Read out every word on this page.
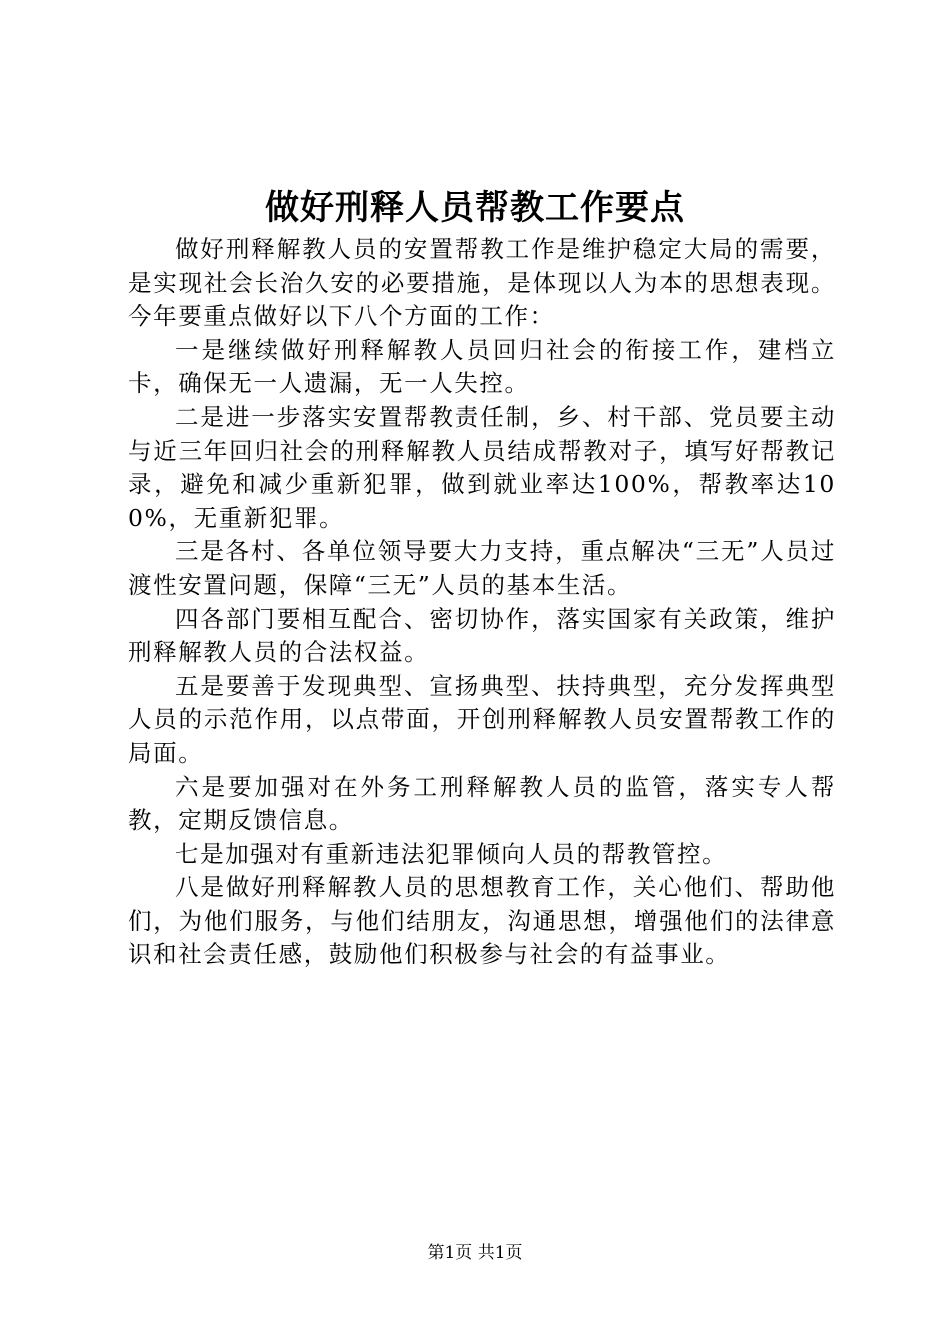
做好刑释人员帮教工作要点

做好刑释解教人员的安置帮教工作是维护稳定大局的需要，是实现社会长治久安的必要措施，是体现以人为本的思想表现。今年要重点做好以下八个方面的工作：

一是继续做好刑释解教人员回归社会的衔接工作，建档立卡，确保无一人遗漏，无一人失控。

二是进一步落实安置帮教责任制，乡、村干部、党员要主动与近三年回归社会的刑释解教人员结成帮教对子，填写好帮教记录，避免和减少重新犯罪，做到就业率达100%，帮教率达100%，无重新犯罪。

三是各村、各单位领导要大力支持，重点解决“三无”人员过渡性安置问题，保障“三无”人员的基本生活。

四各部门要相互配合、密切协作，落实国家有关政策，维护刑释解教人员的合法权益。

五是要善于发现典型、宣扬典型、扶持典型，充分发挥典型人员的示范作用，以点带面，开创刑释解教人员安置帮教工作的局面。

六是要加强对在外务工刑释解教人员的监管，落实专人帮教，定期反馈信息。

七是加强对有重新违法犯罪倾向人员的帮教管控。

八是做好刑释解教人员的思想教育工作，关心他们、帮助他们，为他们服务，与他们结朋友，沟通思想，增强他们的法律意识和社会责任感，鼓励他们积极参与社会的有益事业。

第1页 共1页
